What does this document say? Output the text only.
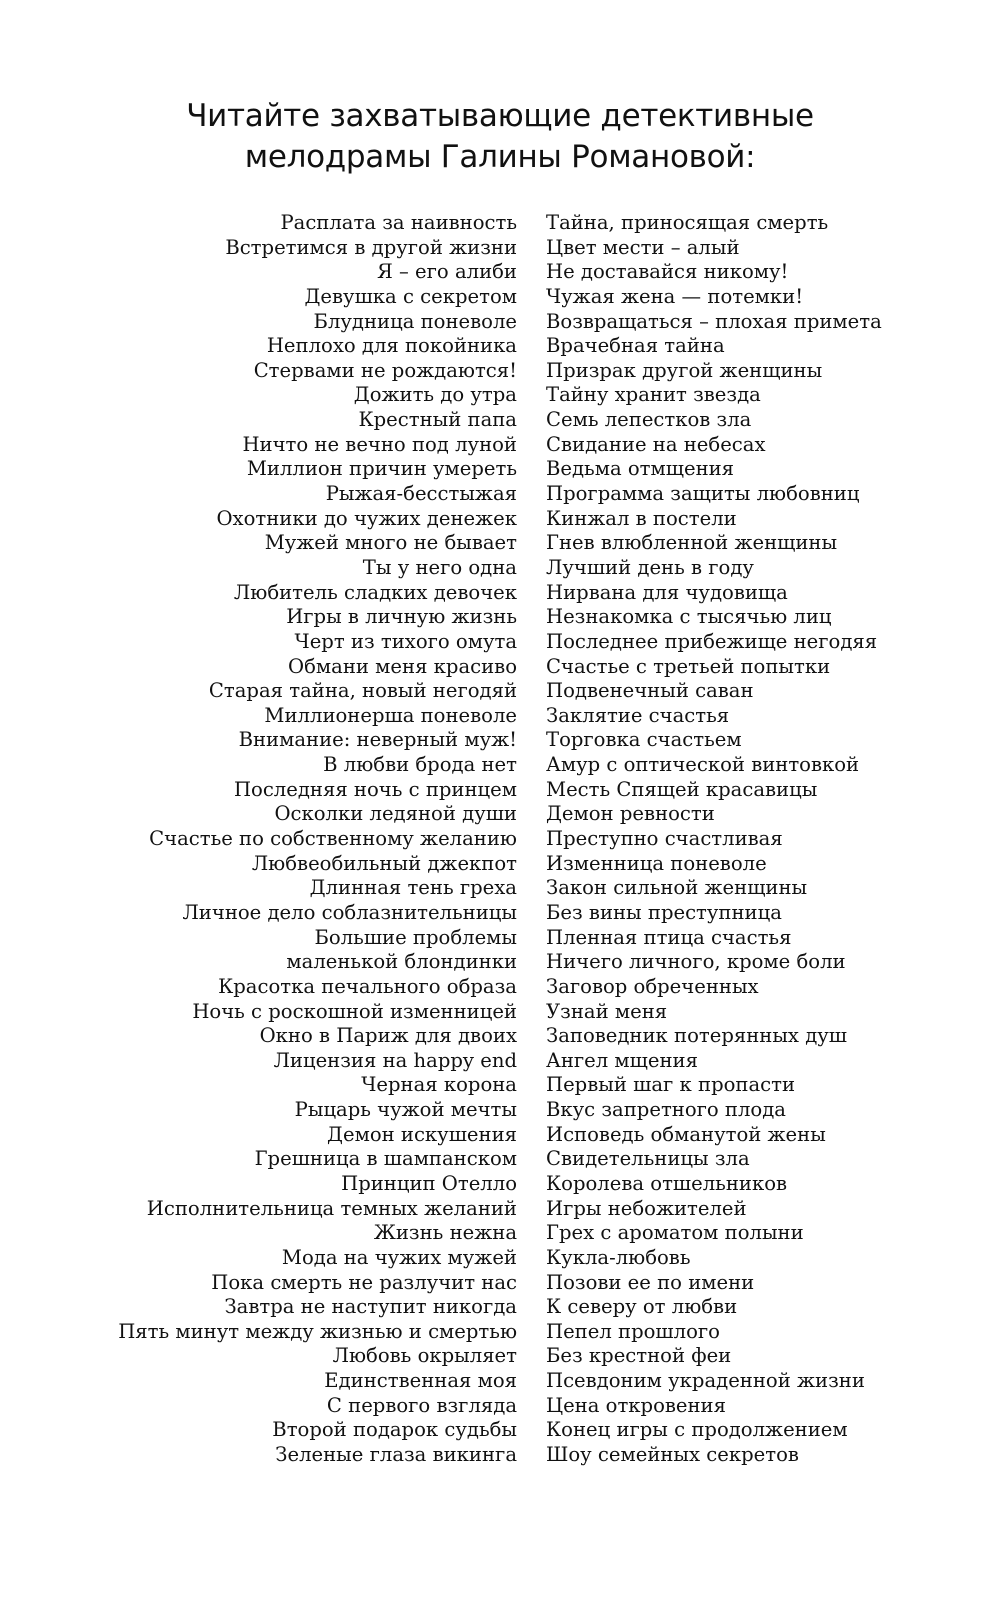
Читайте захватывающие детективные
мелодрамы Галины Романовой:
Расплата за наивность
Встретимся в другой жизни
Я – его алиби
Девушка с секретом
Блудница поневоле
Неплохо для покойника
Стервами не рождаются!
Дожить до утра
Крестный папа
Ничто не вечно под луной
Миллион причин умереть
Рыжая-бесстыжая
Охотники до чужих денежек
Мужей много не бывает
Ты у него одна
Любитель сладких девочек
Игры в личную жизнь
Черт из тихого омута
Обмани меня красиво
Старая тайна, новый негодяй
Миллионерша поневоле
Внимание: неверный муж!
В любви брода нет
Последняя ночь с принцем
Осколки ледяной души
Счастье по собственному желанию
Любвеобильный джекпот
Длинная тень греха
Личное дело соблазнительницы
Большие проблемы
маленькой блондинки
Красотка печального образа
Ночь с роскошной изменницей
Окно в Париж для двоих
Лицензия на happy end
Черная корона
Рыцарь чужой мечты
Демон искушения
Грешница в шампанском
Принцип Отелло
Исполнительница темных желаний
Жизнь нежна
Мода на чужих мужей
Пока смерть не разлучит нас
Завтра не наступит никогда
Пять минут между жизнью и смертью
Любовь окрыляет
Единственная моя
С первого взгляда
Второй подарок судьбы
Зеленые глаза викинга
Тайна, приносящая смерть
Цвет мести – алый
Не доставайся никому!
Чужая жена — потемки!
Возвращаться – плохая примета
Врачебная тайна
Призрак другой женщины
Тайну хранит звезда
Семь лепестков зла
Свидание на небесах
Ведьма отмщения
Программа защиты любовниц
Кинжал в постели
Гнев влюбленной женщины
Лучший день в году
Нирвана для чудовища
Незнакомка с тысячью лиц
Последнее прибежище негодяя
Счастье с третьей попытки
Подвенечный саван
Заклятие счастья
Торговка счастьем
Амур с оптической винтовкой
Месть Спящей красавицы
Демон ревности
Преступно счастливая
Изменница поневоле
Закон сильной женщины
Без вины преступница
Пленная птица счастья
Ничего личного, кроме боли
Заговор обреченных
Узнай меня
Заповедник потерянных душ
Ангел мщения
Первый шаг к пропасти
Вкус запретного плода
Исповедь обманутой жены
Свидетельницы зла
Королева отшельников
Игры небожителей
Грех с ароматом полыни
Кукла-любовь
Позови ее по имени
К северу от любви
Пепел прошлого
Без крестной феи
Псевдоним украденной жизни
Цена откровения
Конец игры с продолжением
Шоу семейных секретов
